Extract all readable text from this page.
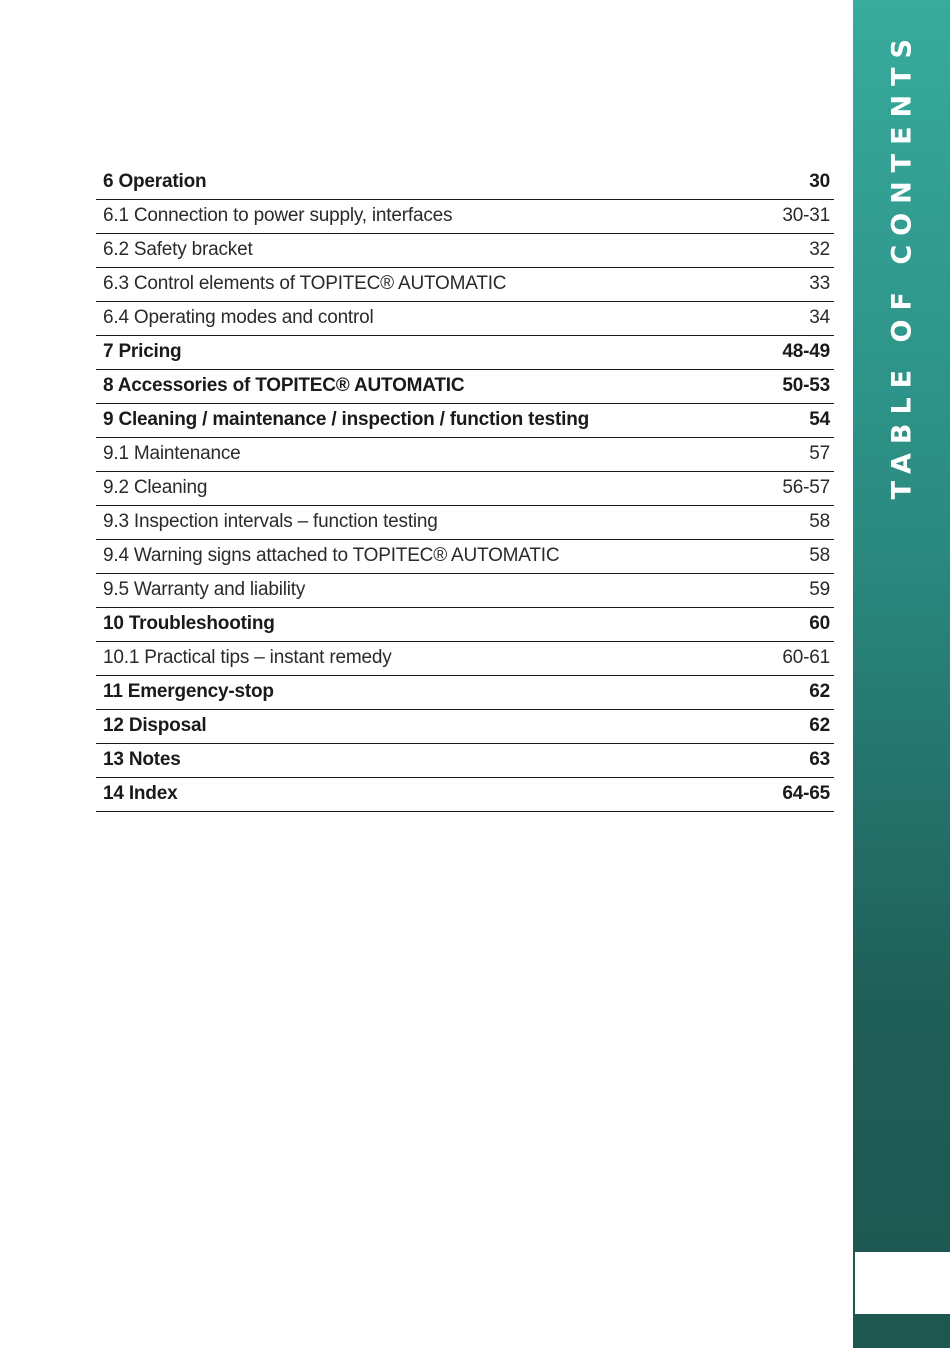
6 Operation	30
6.1 Connection to power supply, interfaces	30-31
6.2 Safety bracket	32
6.3 Control elements of TOPITEC® AUTOMATIC	33
6.4 Operating modes and control	34
7 Pricing	48-49
8 Accessories of TOPITEC® AUTOMATIC	50-53
9 Cleaning / maintenance / inspection / function testing	54
9.1 Maintenance	57
9.2 Cleaning	56-57
9.3 Inspection intervals – function testing	58
9.4 Warning signs attached to TOPITEC® AUTOMATIC	58
9.5 Warranty and liability	59
10 Troubleshooting	60
10.1 Practical tips – instant remedy	60-61
11 Emergency-stop	62
12 Disposal	62
13 Notes	63
14 Index	64-65
TABLE OF CONTENTS
